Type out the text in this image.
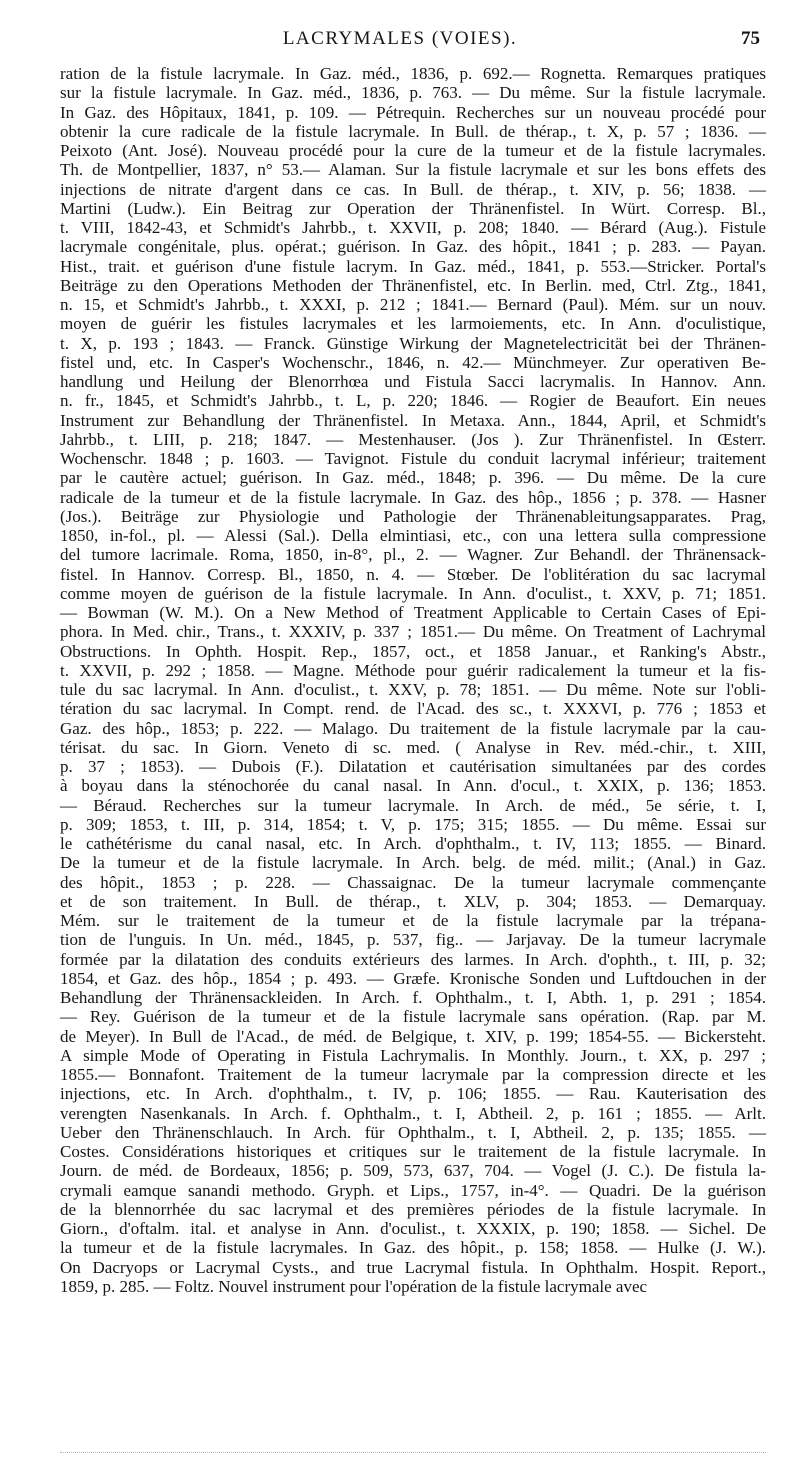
LACRYMALES (VOIES).	75
ration de la fistule lacrymale. In Gaz. méd., 1836, p. 692.— Rognetta. Remarques pratiques
sur la fistule lacrymale. In Gaz. méd., 1836, p. 763. — Du même. Sur la fistule lacrymale.
In Gaz. des Hôpitaux, 1841, p. 109. — Pétrequin. Recherches sur un nouveau procédé pour
obtenir la cure radicale de la fistule lacrymale. In Bull. de thérap., t. X, p. 57 ; 1836. —
Peixoto (Ant. José). Nouveau procédé pour la cure de la tumeur et de la fistule lacrymales.
Th. de Montpellier, 1837, n° 53.— Alaman. Sur la fistule lacrymale et sur les bons effets des
injections de nitrate d'argent dans ce cas. In Bull. de thérap., t. XIV, p. 56; 1838. —
Martini (Ludw.). Ein Beitrag zur Operation der Thränenfistel. In Würt. Corresp. Bl.,
t. VIII, 1842-43, et Schmidt's Jahrbb., t. XXVII, p. 208; 1840. — Bérard (Aug.). Fistule
lacrymale congénitale, plus. opérat.; guérison. In Gaz. des hôpit., 1841 ; p. 283. — Payan.
Hist., trait. et guérison d'une fistule lacrym. In Gaz. méd., 1841, p. 553.—Stricker. Portal's
Beiträge zu den Operations Methoden der Thränenfistel, etc. In Berlin. med, Ctrl. Ztg., 1841,
n. 15, et Schmidt's Jahrbb., t. XXXI, p. 212 ; 1841.— Bernard (Paul). Mém. sur un nouv.
moyen de guérir les fistules lacrymales et les larmoiements, etc. In Ann. d'oculistique,
t. X, p. 193 ; 1843. — Franck. Günstige Wirkung der Magnetelectricität bei der Thränen-
fistel und, etc. In Casper's Wochenschr., 1846, n. 42.— Münchmeyer. Zur operativen Be-
handlung und Heilung der Blenorrhœa und Fistula Sacci lacrymalis. In Hannov. Ann.
n. fr., 1845, et Schmidt's Jahrbb., t. L, p. 220; 1846. — Rogier de Beaufort. Ein neues
Instrument zur Behandlung der Thränenfistel. In Metaxa. Ann., 1844, April, et Schmidt's
Jahrbb., t. LIII, p. 218; 1847. — Mestenhauser. (Jos ). Zur Thränenfistel. In Œsterr.
Wochenschr. 1848 ; p. 1603. — Tavignot. Fistule du conduit lacrymal inférieur; traitement
par le cautère actuel; guérison. In Gaz. méd., 1848; p. 396. — Du même. De la cure
radicale de la tumeur et de la fistule lacrymale. In Gaz. des hôp., 1856 ; p. 378. — Hasner
(Jos.). Beiträge zur Physiologie und Pathologie der Thränenableitungsapparates. Prag,
1850, in-fol., pl. — Alessi (Sal.). Della elmintiasi, etc., con una lettera sulla compressione
del tumore lacrimale. Roma, 1850, in-8°, pl., 2. — Wagner. Zur Behandl. der Thränensack-
fistel. In Hannov. Corresp. Bl., 1850, n. 4. — Stœber. De l'oblitération du sac lacrymal
comme moyen de guérison de la fistule lacrymale. In Ann. d'oculist., t. XXV, p. 71; 1851.
— Bowman (W. M.). On a New Method of Treatment Applicable to Certain Cases of Epi-
phora. In Med. chir., Trans., t. XXXIV, p. 337 ; 1851.— Du même. On Treatment of Lachrymal
Obstructions. In Ophth. Hospit. Rep., 1857, oct., et 1858 Januar., et Ranking's Abstr.,
t. XXVII, p. 292 ; 1858. — Magne. Méthode pour guérir radicalement la tumeur et la fis-
tule du sac lacrymal. In Ann. d'oculist., t. XXV, p. 78; 1851. — Du même. Note sur l'obli-
tération du sac lacrymal. In Compt. rend. de l'Acad. des sc., t. XXXVI, p. 776 ; 1853 et
Gaz. des hôp., 1853; p. 222. — Malago. Du traitement de la fistule lacrymale par la cau-
térisat. du sac. In Giorn. Veneto di sc. med. ( Analyse in Rev. méd.-chir., t. XIII,
p. 37 ; 1853). — Dubois (F.). Dilatation et cautérisation simultanées par des cordes
à boyau dans la sténochorée du canal nasal. In Ann. d'ocul., t. XXIX, p. 136; 1853.
— Béraud. Recherches sur la tumeur lacrymale. In Arch. de méd., 5e série, t. I,
p. 309; 1853, t. III, p. 314, 1854; t. V, p. 175; 315; 1855. — Du même. Essai sur
le cathétérisme du canal nasal, etc. In Arch. d'ophthalm., t. IV, 113; 1855. — Binard.
De la tumeur et de la fistule lacrymale. In Arch. belg. de méd. milit.; (Anal.) in Gaz.
des hôpit., 1853 ; p. 228. — Chassaignac. De la tumeur lacrymale commençante
et de son traitement. In Bull. de thérap., t. XLV, p. 304; 1853. — Demarquay.
Mém. sur le traitement de la tumeur et de la fistule lacrymale par la trépana-
tion de l'unguis. In Un. méd., 1845, p. 537, fig.. — Jarjavay. De la tumeur lacrymale
formée par la dilatation des conduits extérieurs des larmes. In Arch. d'ophth., t. III, p. 32;
1854, et Gaz. des hôp., 1854 ; p. 493. — Græfe. Kronische Sonden und Luftdouchen in der
Behandlung der Thränensackleiden. In Arch. f. Ophthalm., t. I, Abth. 1, p. 291 ; 1854.
— Rey. Guérison de la tumeur et de la fistule lacrymale sans opération. (Rap. par M.
de Meyer). In Bull de l'Acad., de méd. de Belgique, t. XIV, p. 199; 1854-55. — Bickersteht.
A simple Mode of Operating in Fistula Lachrymalis. In Monthly. Journ., t. XX, p. 297 ;
1855.— Bonnafont. Traitement de la tumeur lacrymale par la compression directe et les
injections, etc. In Arch. d'ophthalm., t. IV, p. 106; 1855. — Rau. Kauterisation des
verengten Nasenkanals. In Arch. f. Ophthalm., t. I, Abtheil. 2, p. 161 ; 1855. — Arlt.
Ueber den Thränenschlauch. In Arch. für Ophthalm., t. I, Abtheil. 2, p. 135; 1855. —
Costes. Considérations historiques et critiques sur le traitement de la fistule lacrymale. In
Journ. de méd. de Bordeaux, 1856; p. 509, 573, 637, 704. — Vogel (J. C.). De fistula la-
crymali eamque sanandi methodo. Gryph. et Lips., 1757, in-4°. — Quadri. De la guérison
de la blennorrhée du sac lacrymal et des premières périodes de la fistule lacrymale. In
Giorn., d'oftalm. ital. et analyse in Ann. d'oculist., t. XXXIX, p. 190; 1858. — Sichel. De
la tumeur et de la fistule lacrymales. In Gaz. des hôpit., p. 158; 1858. — Hulke (J. W.).
On Dacryops or Lacrymal Cysts., and true Lacrymal fistula. In Ophthalm. Hospit. Report.,
1859, p. 285. — Foltz. Nouvel instrument pour l'opération de la fistule lacrymale avec
